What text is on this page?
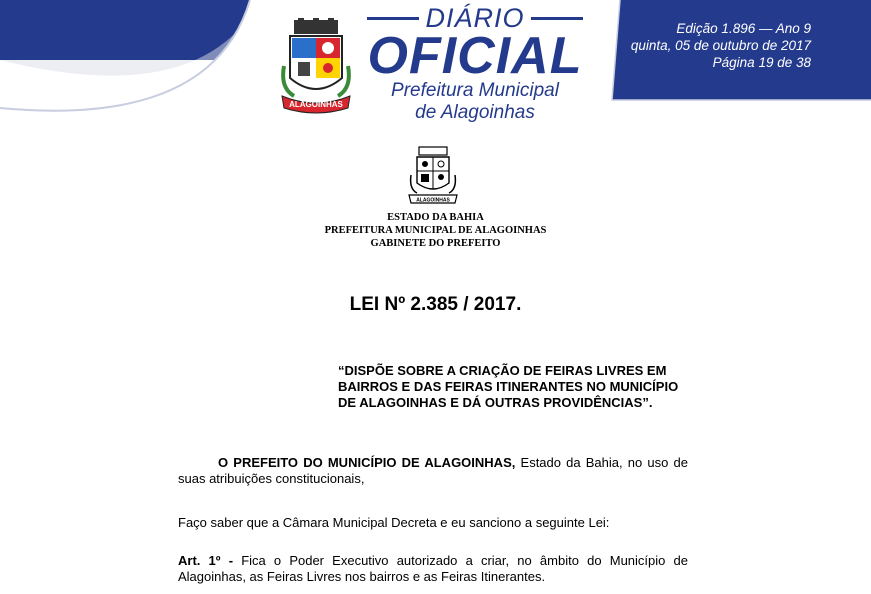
ALAGOINHAS
DIÁRIO
OFICIAL
Prefeitura Municipal
de Alagoinhas
Edição 1.896 — Ano 9
quinta, 05 de outubro de 2017
Página 19 de 38
ALAGOINHAS
ESTADO DA BAHIA
PREFEITURA MUNICIPAL DE ALAGOINHAS
GABINETE DO PREFEITO
LEI Nº 2.385 / 2017.
“DISPÕE SOBRE A CRIAÇÃO DE FEIRAS LIVRES EM BAIRROS E DAS FEIRAS ITINERANTES NO MUNICÍPIO DE ALAGOINHAS E DÁ OUTRAS PROVIDÊNCIAS”.
O PREFEITO DO MUNICÍPIO DE ALAGOINHAS, Estado da Bahia, no uso de suas atribuições constitucionais,
Faço saber que a Câmara Municipal Decreta e eu sanciono a seguinte Lei:
Art. 1º - Fica o Poder Executivo autorizado a criar, no âmbito do Município de Alagoinhas, as Feiras Livres nos bairros e as Feiras Itinerantes.
